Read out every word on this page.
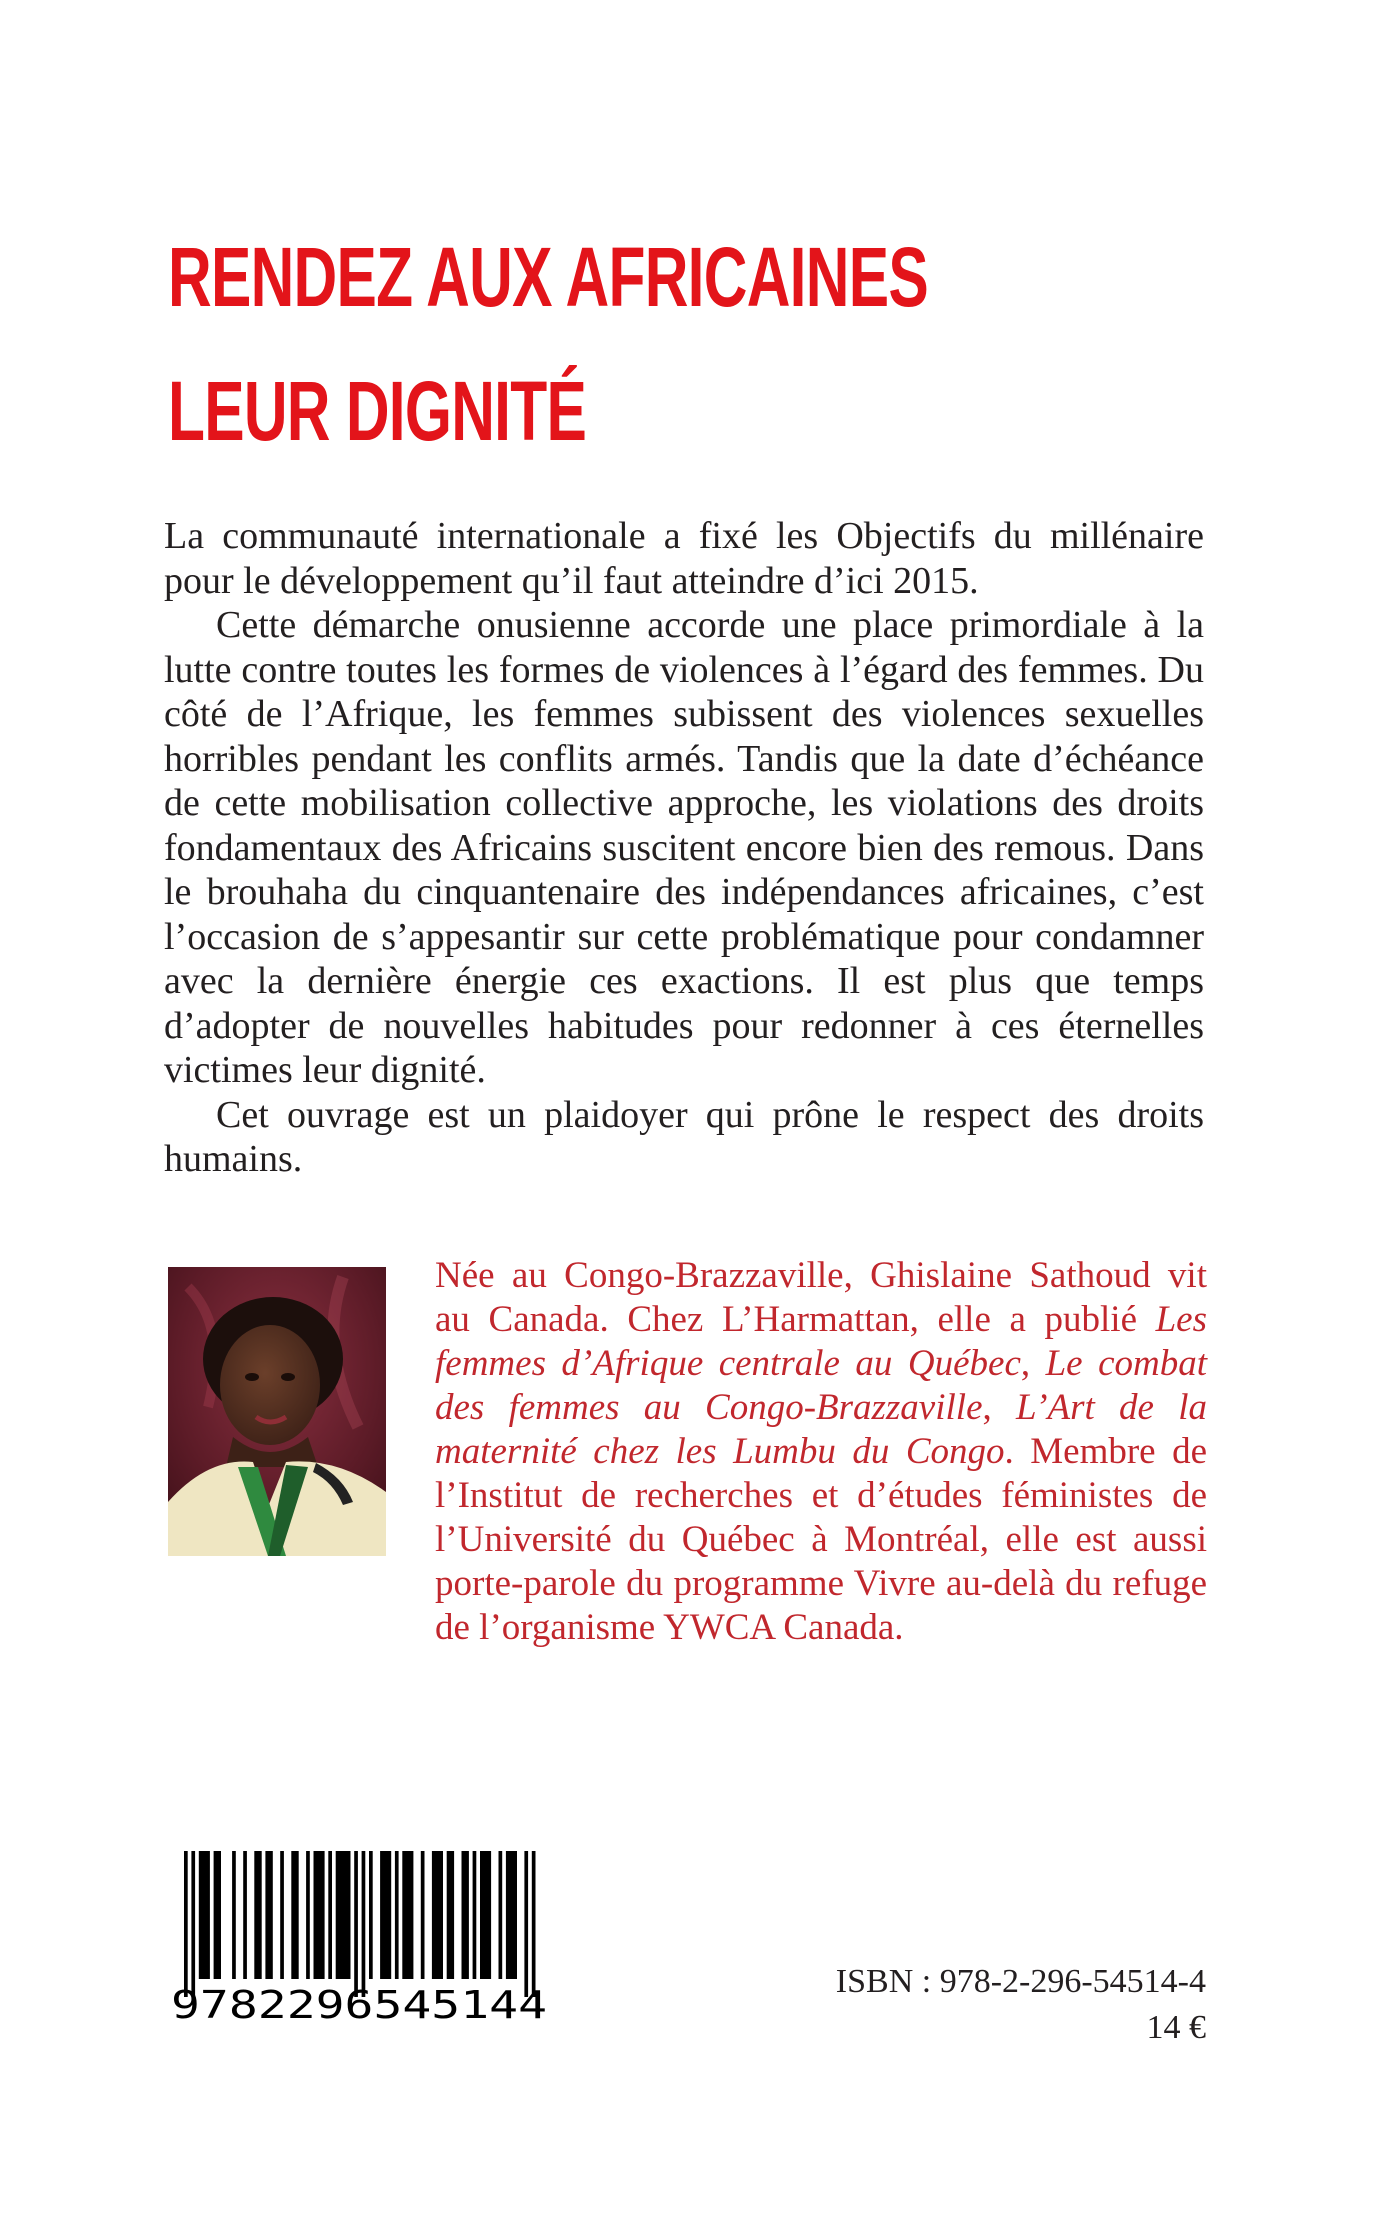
RENDEZ AUX AFRICAINES
LEUR DIGNITÉ

La communauté internationale a fixé les Objectifs du millénaire pour le développement qu’il faut atteindre d’ici 2015.

Cette démarche onusienne accorde une place primordiale à la lutte contre toutes les formes de violences à l’égard des femmes. Du côté de l’Afrique, les femmes subissent des violences sexuelles horribles pendant les conflits armés. Tandis que la date d’échéance de cette mobilisation collective approche, les violations des droits fondamentaux des Africains suscitent encore bien des remous. Dans le brouhaha du cinquantenaire des indépendances africaines, c’est l’occasion de s’appesantir sur cette problématique pour condamner avec la dernière énergie ces exactions. Il est plus que temps d’adopter de nouvelles habitudes pour redonner à ces éternelles victimes leur dignité.

Cet ouvrage est un plaidoyer qui prône le respect des droits humains.

Née au Congo-Brazzaville, Ghislaine Sathoud vit au Canada. Chez L’Harmattan, elle a publié Les femmes d’Afrique centrale au Québec, Le combat des femmes au Congo-Brazzaville, L’Art de la maternité chez les Lumbu du Congo. Membre de l’Institut de recherches et d’études féministes de l’Université du Québec à Montréal, elle est aussi porte-parole du programme Vivre au-delà du refuge de l’organisme YWCA Canada.
9782296545144
ISBN : 978-2-296-54514-4
14 €
